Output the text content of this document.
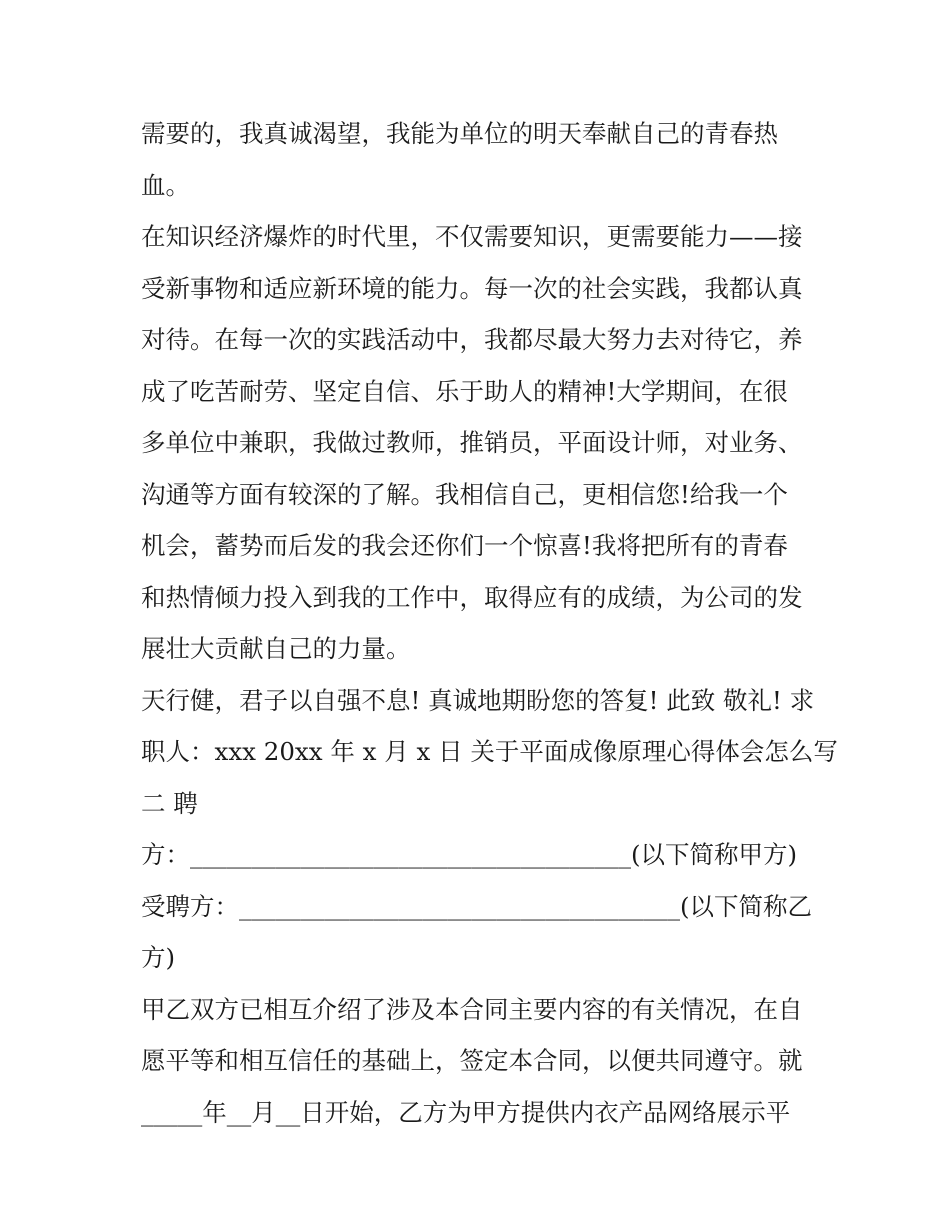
需要的，我真诚渴望，我能为单位的明天奉献自己的青春热
血。
在知识经济爆炸的时代里，不仅需要知识，更需要能力——接
受新事物和适应新环境的能力。每一次的社会实践，我都认真
对待。在每一次的实践活动中，我都尽最大努力去对待它，养
成了吃苦耐劳、坚定自信、乐于助人的精神!大学期间，在很
多单位中兼职，我做过教师，推销员，平面设计师，对业务、
沟通等方面有较深的了解。我相信自己，更相信您!给我一个
机会，蓄势而后发的我会还你们一个惊喜!我将把所有的青春
和热情倾力投入到我的工作中，取得应有的成绩，为公司的发
展壮大贡献自己的力量。
天行健，君子以自强不息! 真诚地期盼您的答复! 此致 敬礼! 求
职人：xxx 20xx 年 x 月 x 日 关于平面成像原理心得体会怎么写
二 聘
方：____________________________________(以下简称甲方)
受聘方：____________________________________(以下简称乙
方)
甲乙双方已相互介绍了涉及本合同主要内容的有关情况，在自
愿平等和相互信任的基础上，签定本合同，以便共同遵守。就
_____年__月__日开始，乙方为甲方提供内衣产品网络展示平
